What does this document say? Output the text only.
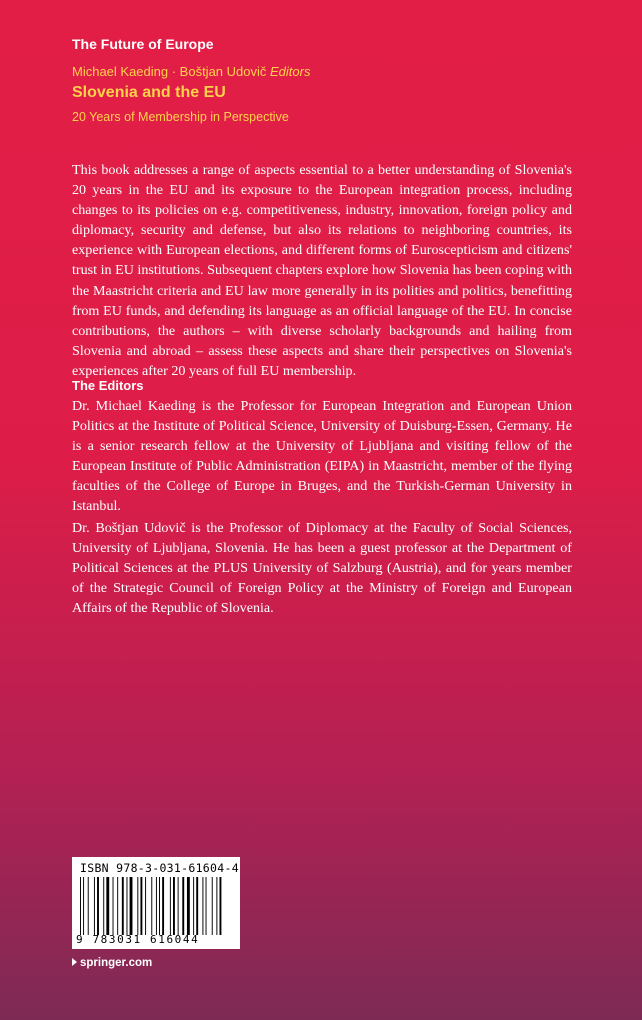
The Future of Europe
Michael Kaeding · Boštjan Udovič Editors
Slovenia and the EU
20 Years of Membership in Perspective

This book addresses a range of aspects essential to a better understanding of Slovenia's 20 years in the EU and its exposure to the European integration process, including changes to its policies on e.g. competitiveness, industry, innovation, foreign policy and diplomacy, security and defense, but also its relations to neighboring countries, its experience with European elections, and different forms of Euroscepticism and citizens' trust in EU institutions. Subsequent chapters explore how Slovenia has been coping with the Maastricht criteria and EU law more generally in its polities and politics, benefitting from EU funds, and defending its language as an official language of the EU. In concise contributions, the authors – with diverse scholarly backgrounds and hailing from Slovenia and abroad – assess these aspects and share their perspectives on Slovenia's experiences after 20 years of full EU membership.

The Editors

Dr. Michael Kaeding is the Professor for European Integration and European Union Politics at the Institute of Political Science, University of Duisburg-Essen, Germany. He is a senior research fellow at the University of Ljubljana and visiting fellow of the European Institute of Public Administration (EIPA) in Maastricht, member of the flying faculties of the College of Europe in Bruges, and the Turkish-German University in Istanbul.

Dr. Boštjan Udovič is the Professor of Diplomacy at the Faculty of Social Sciences, University of Ljubljana, Slovenia. He has been a guest professor at the Department of Political Sciences at the PLUS University of Salzburg (Austria), and for years member of the Strategic Council of Foreign Policy at the Ministry of Foreign and European Affairs of the Republic of Slovenia.

ISBN 978-3-031-61604-4
9 783031 616044
springer.com
